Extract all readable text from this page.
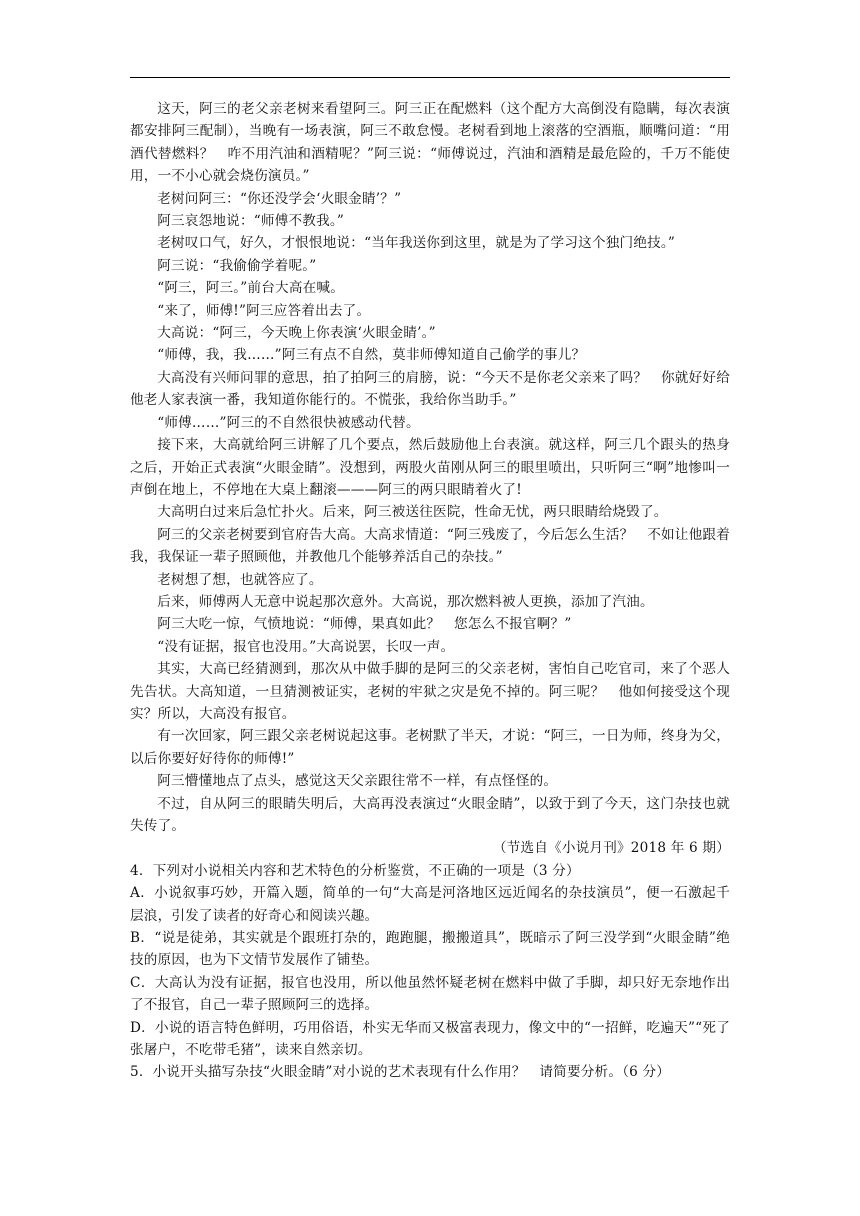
这天，阿三的老父亲老树来看望阿三。阿三正在配燃料（这个配方大高倒没有隐瞒，每次表演都安排阿三配制），当晚有一场表演，阿三不敢怠慢。老树看到地上滚落的空酒瓶，顺嘴问道：“用酒代替燃料？　咋不用汽油和酒精呢？”阿三说：“师傅说过，汽油和酒精是最危险的，千万不能使用，一不小心就会烧伤演员。”

老树问阿三：“你还没学会‘火眼金睛’？”

阿三哀怨地说：“师傅不教我。”

老树叹口气，好久，才恨恨地说：“当年我送你到这里，就是为了学习这个独门绝技。”

阿三说：“我偷偷学着呢。”

“阿三，阿三。”前台大高在喊。

“来了，师傅!”阿三应答着出去了。

大高说：“阿三，今天晚上你表演‘火眼金睛’。”

“师傅，我，我……”阿三有点不自然，莫非师傅知道自己偷学的事儿？

大高没有兴师问罪的意思，拍了拍阿三的肩膀，说：“今天不是你老父亲来了吗？　你就好好给他老人家表演一番，我知道你能行的。不慌张，我给你当助手。”

“师傅……”阿三的不自然很快被感动代替。

接下来，大高就给阿三讲解了几个要点，然后鼓励他上台表演。就这样，阿三几个跟头的热身之后，开始正式表演“火眼金睛”。没想到，两股火苗刚从阿三的眼里喷出，只听阿三“啊”地惨叫一声倒在地上，不停地在大桌上翻滚———阿三的两只眼睛着火了!

大高明白过来后急忙扑火。后来，阿三被送往医院，性命无忧，两只眼睛给烧毁了。

阿三的父亲老树要到官府告大高。大高求情道：“阿三残废了，今后怎么生活？　不如让他跟着我，我保证一辈子照顾他，并教他几个能够养活自己的杂技。”

老树想了想，也就答应了。

后来，师傅两人无意中说起那次意外。大高说，那次燃料被人更换，添加了汽油。

阿三大吃一惊，气愤地说：“师傅，果真如此？　您怎么不报官啊？”

“没有证据，报官也没用。”大高说罢，长叹一声。

其实，大高已经猜测到，那次从中做手脚的是阿三的父亲老树，害怕自己吃官司，来了个恶人先告状。大高知道，一旦猜测被证实，老树的牢狱之灾是免不掉的。阿三呢？　他如何接受这个现实？所以，大高没有报官。

有一次回家，阿三跟父亲老树说起这事。老树默了半天，才说：“阿三，一日为师，终身为父，以后你要好好待你的师傅!”

阿三懵懂地点了点头，感觉这天父亲跟往常不一样，有点怪怪的。

不过，自从阿三的眼睛失明后，大高再没表演过“火眼金睛”，以致于到了今天，这门杂技也就失传了。

（节选自《小说月刊》2018 年 6 期）

4．下列对小说相关内容和艺术特色的分析鉴赏，不正确的一项是（3 分）

A．小说叙事巧妙，开篇入题，简单的一句“大高是河洛地区远近闻名的杂技演员”，便一石激起千层浪，引发了读者的好奇心和阅读兴趣。

B．“说是徒弟，其实就是个跟班打杂的，跑跑腿，搬搬道具”，既暗示了阿三没学到“火眼金睛”绝技的原因，也为下文情节发展作了铺垫。

C．大高认为没有证据，报官也没用，所以他虽然怀疑老树在燃料中做了手脚，却只好无奈地作出了不报官，自己一辈子照顾阿三的选择。

D．小说的语言特色鲜明，巧用俗语，朴实无华而又极富表现力，像文中的“一招鲜，吃遍天”“死了张屠户，不吃带毛猪”，读来自然亲切。

5．小说开头描写杂技“火眼金睛”对小说的艺术表现有什么作用？　请简要分析。（6 分）
